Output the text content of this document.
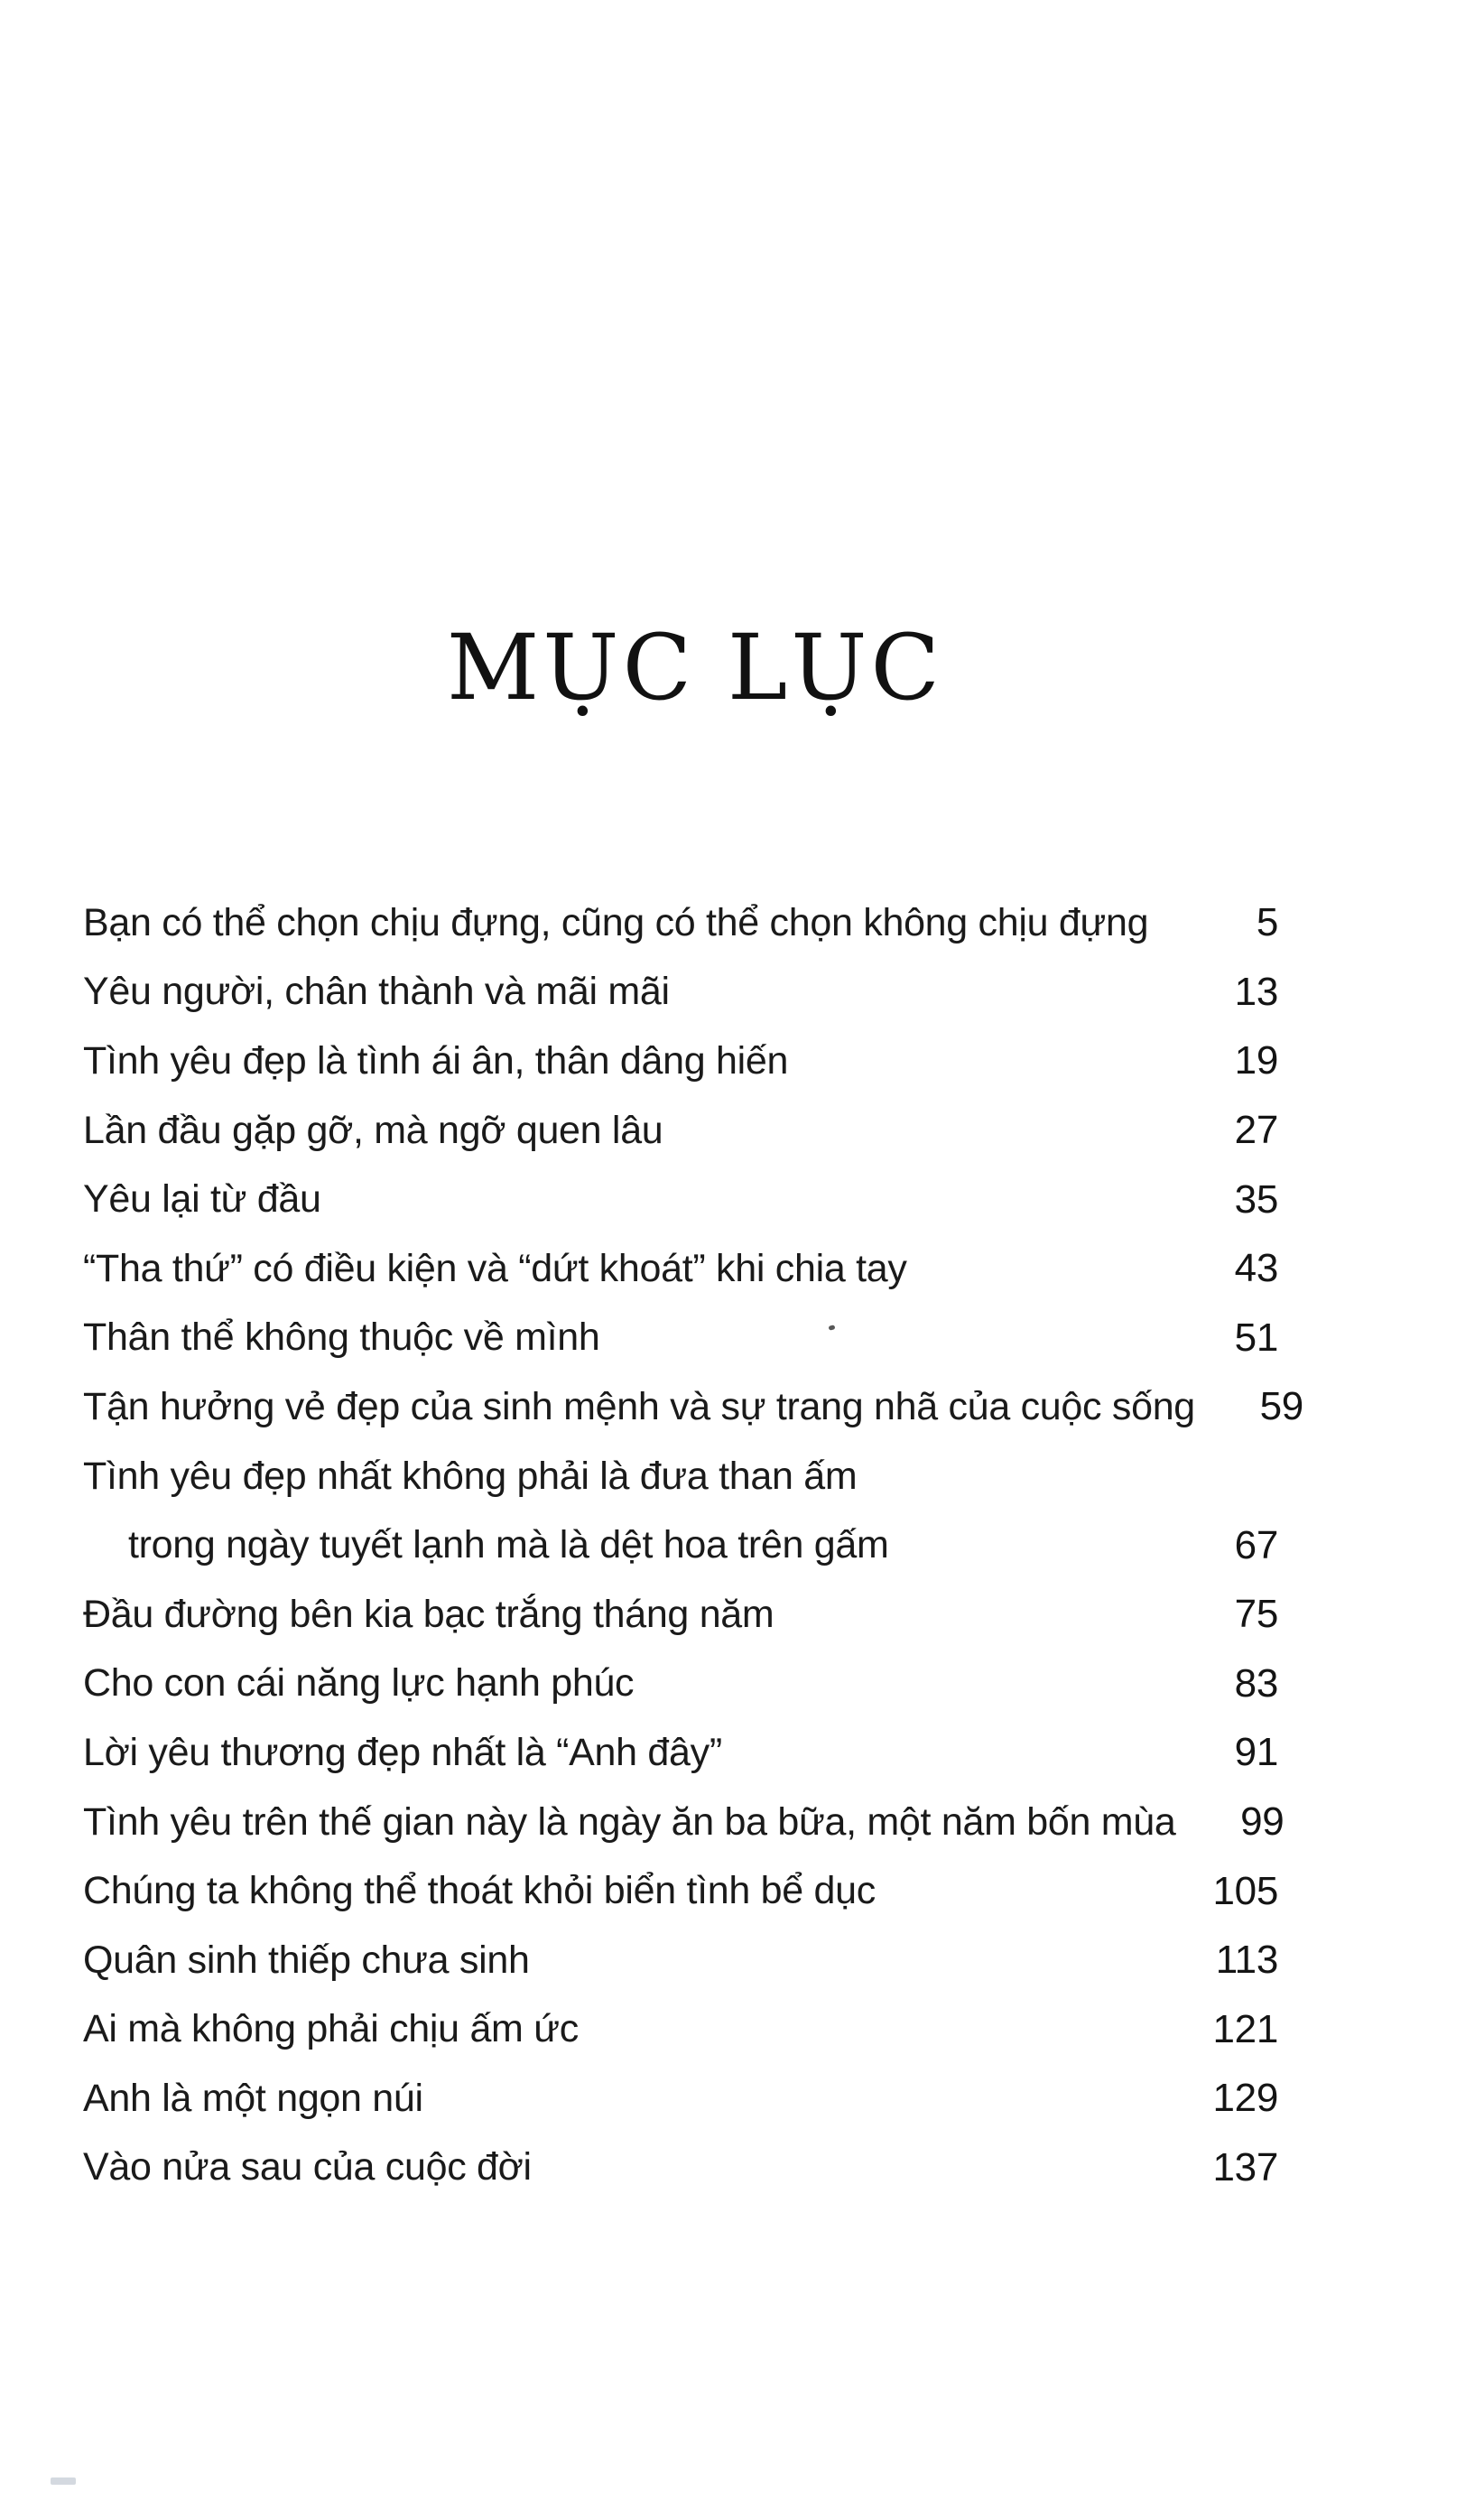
MỤC LỤC
Bạn có thể chọn chịu đựng, cũng có thể chọn không chịu đựng	5
Yêu người, chân thành và mãi mãi	13
Tình yêu đẹp là tình ái ân, thân dâng hiến	19
Lần đầu gặp gỡ, mà ngỡ quen lâu	27
Yêu lại từ đầu	35
“Tha thứ” có điều kiện và “dứt khoát” khi chia tay	43
Thân thể không thuộc về mình	51
Tận hưởng vẻ đẹp của sinh mệnh và sự trang nhã của cuộc sống	59
Tình yêu đẹp nhất không phải là đưa than ấm
trong ngày tuyết lạnh mà là dệt hoa trên gấm	67
Đầu đường bên kia bạc trắng tháng năm	75
Cho con cái năng lực hạnh phúc	83
Lời yêu thương đẹp nhất là “Anh đây”	91
Tình yêu trên thế gian này là ngày ăn ba bữa, một năm bốn mùa	99
Chúng ta không thể thoát khỏi biển tình bể dục	105
Quân sinh thiếp chưa sinh	113
Ai mà không phải chịu ấm ức	121
Anh là một ngọn núi	129
Vào nửa sau của cuộc đời	137
